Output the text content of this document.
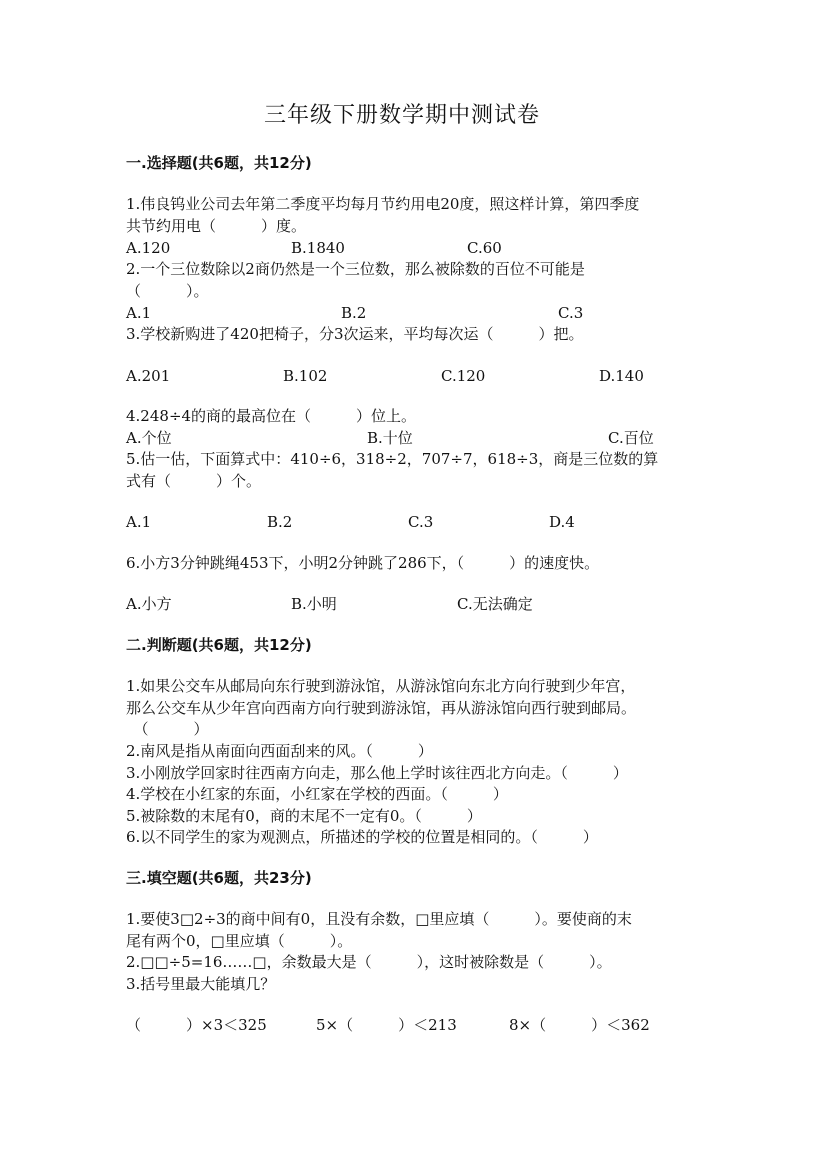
三年级下册数学期中测试卷
一.选择题(共6题，共12分)
1.伟良钨业公司去年第二季度平均每月节约用电20度，照这样计算，第四季度
共节约用电（　　　）度。
A.120	B.1840	C.60
2.一个三位数除以2商仍然是一个三位数，那么被除数的百位不可能是
（　　　）。
A.1	B.2	C.3
3.学校新购进了420把椅子，分3次运来，平均每次运（　　　）把。
A.201	B.102	C.120	D.140
4.248÷4的商的最高位在（　　　）位上。
A.个位	B.十位	C.百位
5.估一估，下面算式中：410÷6，318÷2，707÷7，618÷3，商是三位数的算
式有（　　　）个。
A.1	B.2	C.3	D.4
6.小方3分钟跳绳453下，小明2分钟跳了286下，（　　　）的速度快。
A.小方	B.小明	C.无法确定
二.判断题(共6题，共12分)
1.如果公交车从邮局向东行驶到游泳馆，从游泳馆向东北方向行驶到少年宫，
那么公交车从少年宫向西南方向行驶到游泳馆，再从游泳馆向西行驶到邮局。
　（　　　）
2.南风是指从南面向西面刮来的风。（　　　）
3.小刚放学回家时往西南方向走，那么他上学时该往西北方向走。（　　　）
4.学校在小红家的东面，小红家在学校的西面。（　　　）
5.被除数的末尾有0，商的末尾不一定有0。（　　　）
6.以不同学生的家为观测点，所描述的学校的位置是相同的。（　　　）
三.填空题(共6题，共23分)
1.要使3□2÷3的商中间有0，且没有余数，□里应填（　　　）。要使商的末
尾有两个0，□里应填（　　　）。
2.□□÷5=16……□，余数最大是（　　　），这时被除数是（　　　）。
3.括号里最大能填几？
（　　　）×3＜325	5×（　　　）＜213	8×（　　　）＜362
